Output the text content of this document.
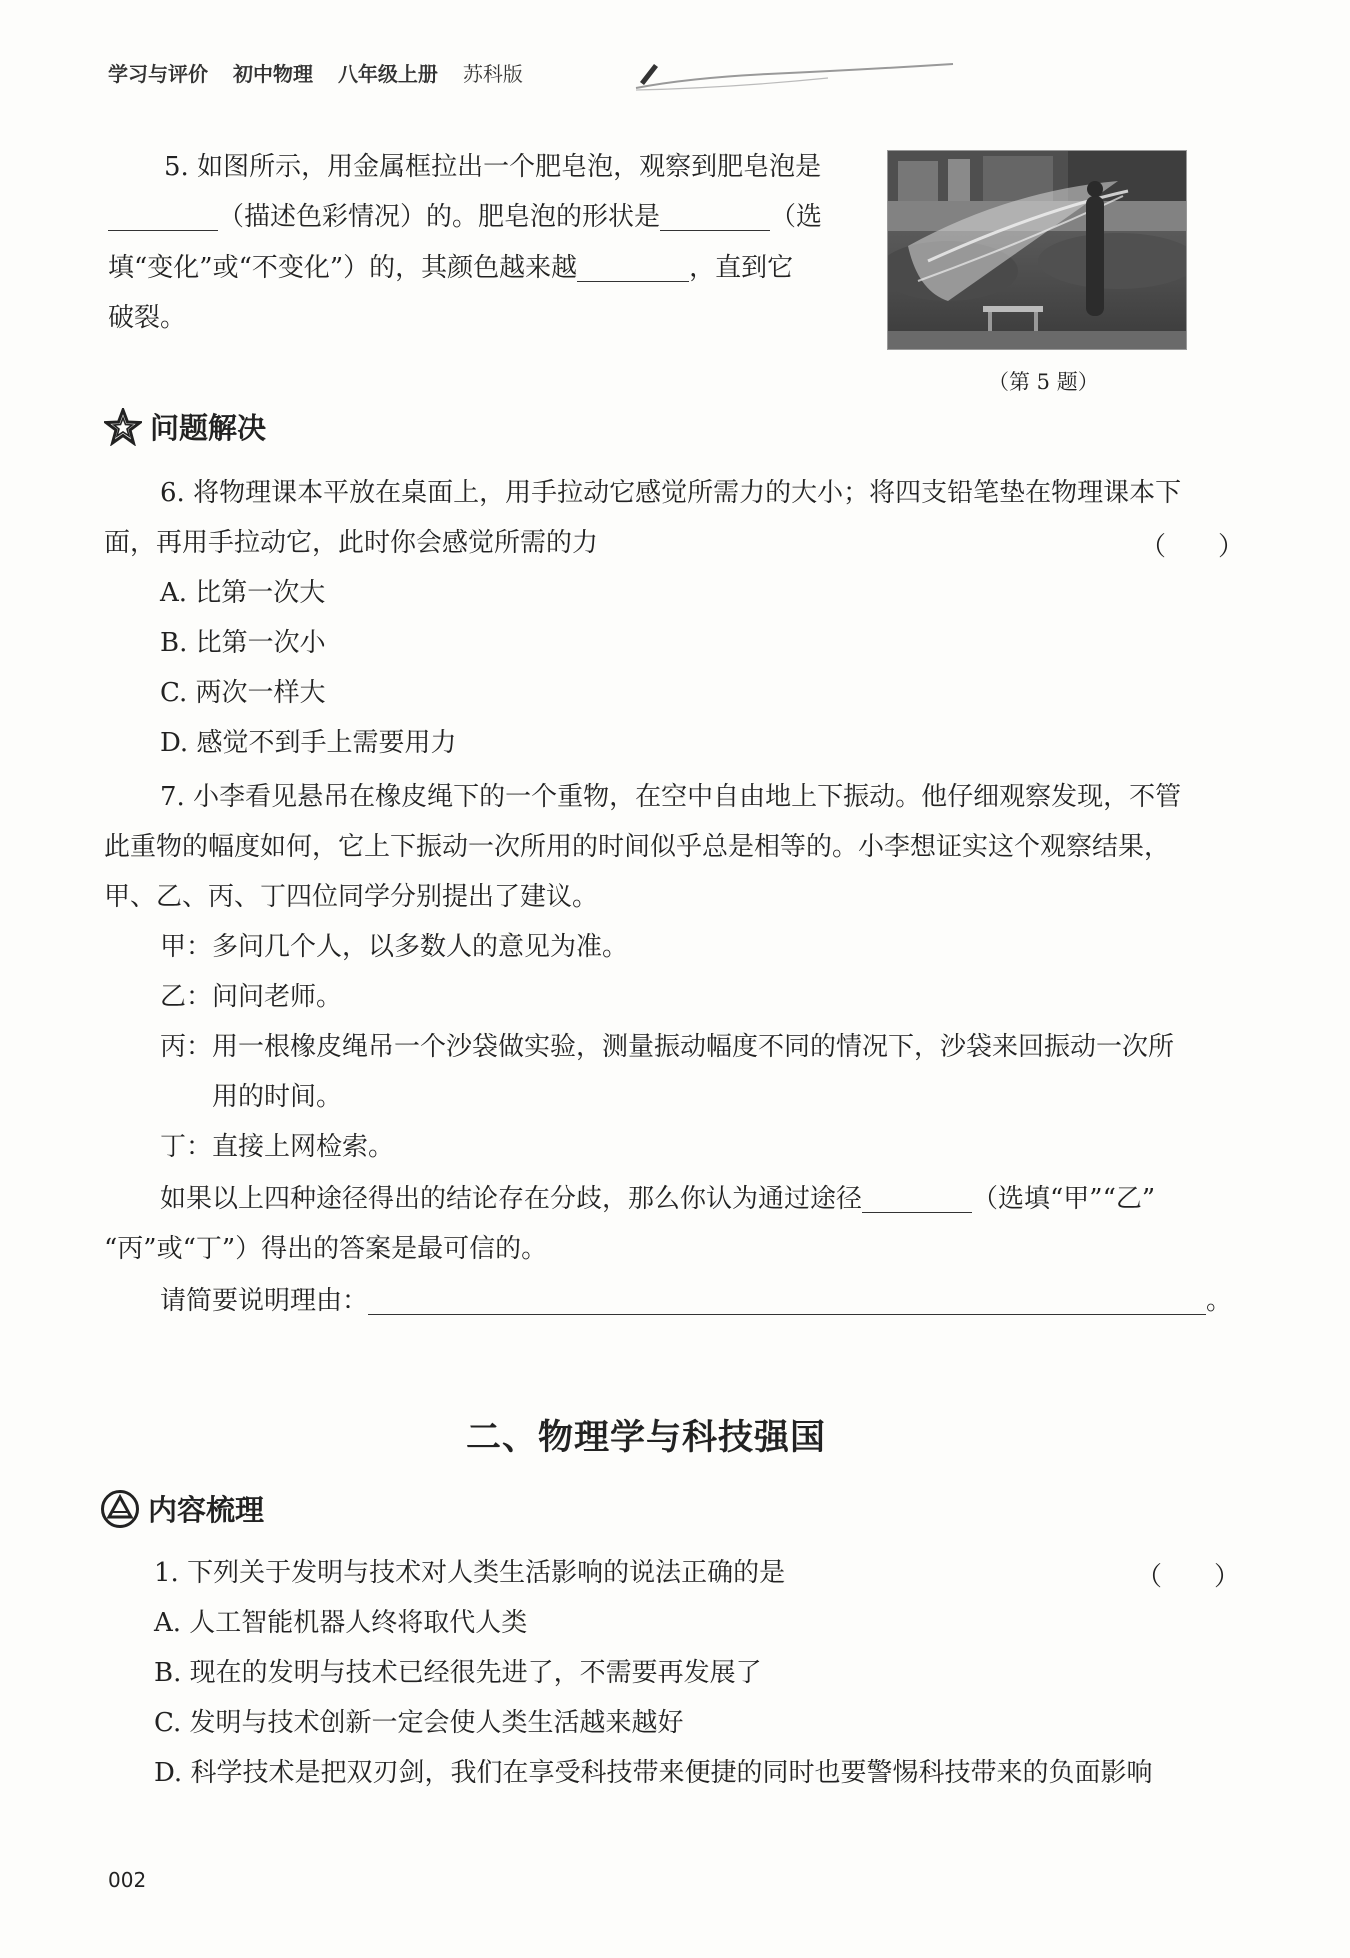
学习与评价 初中物理 八年级上册 苏科版
5. 如图所示，用金属框拉出一个肥皂泡，观察到肥皂泡是
（描述色彩情况）的。肥皂泡的形状是	（选
填“变化”或“不变化”）的，其颜色越来越	，直到它
破裂。
（第 5 题）
问题解决
6. 将物理课本平放在桌面上，用手拉动它感觉所需力的大小；将四支铅笔垫在物理课本下
面，再用手拉动它，此时你会感觉所需的力	（　　）
A. 比第一次大
B. 比第一次小
C. 两次一样大
D. 感觉不到手上需要用力
7. 小李看见悬吊在橡皮绳下的一个重物，在空中自由地上下振动。他仔细观察发现，不管
此重物的幅度如何，它上下振动一次所用的时间似乎总是相等的。小李想证实这个观察结果，
甲、乙、丙、丁四位同学分别提出了建议。
甲：多问几个人，以多数人的意见为准。
乙：问问老师。
丙：用一根橡皮绳吊一个沙袋做实验，测量振动幅度不同的情况下，沙袋来回振动一次所
用的时间。
丁：直接上网检索。
如果以上四种途径得出的结论存在分歧，那么你认为通过途径	（选填“甲”“乙”
“丙”或“丁”）得出的答案是最可信的。
请简要说明理由：	。
二、物理学与科技强国
内容梳理
1. 下列关于发明与技术对人类生活影响的说法正确的是	（　　）
A. 人工智能机器人终将取代人类
B. 现在的发明与技术已经很先进了，不需要再发展了
C. 发明与技术创新一定会使人类生活越来越好
D. 科学技术是把双刃剑，我们在享受科技带来便捷的同时也要警惕科技带来的负面影响
002
